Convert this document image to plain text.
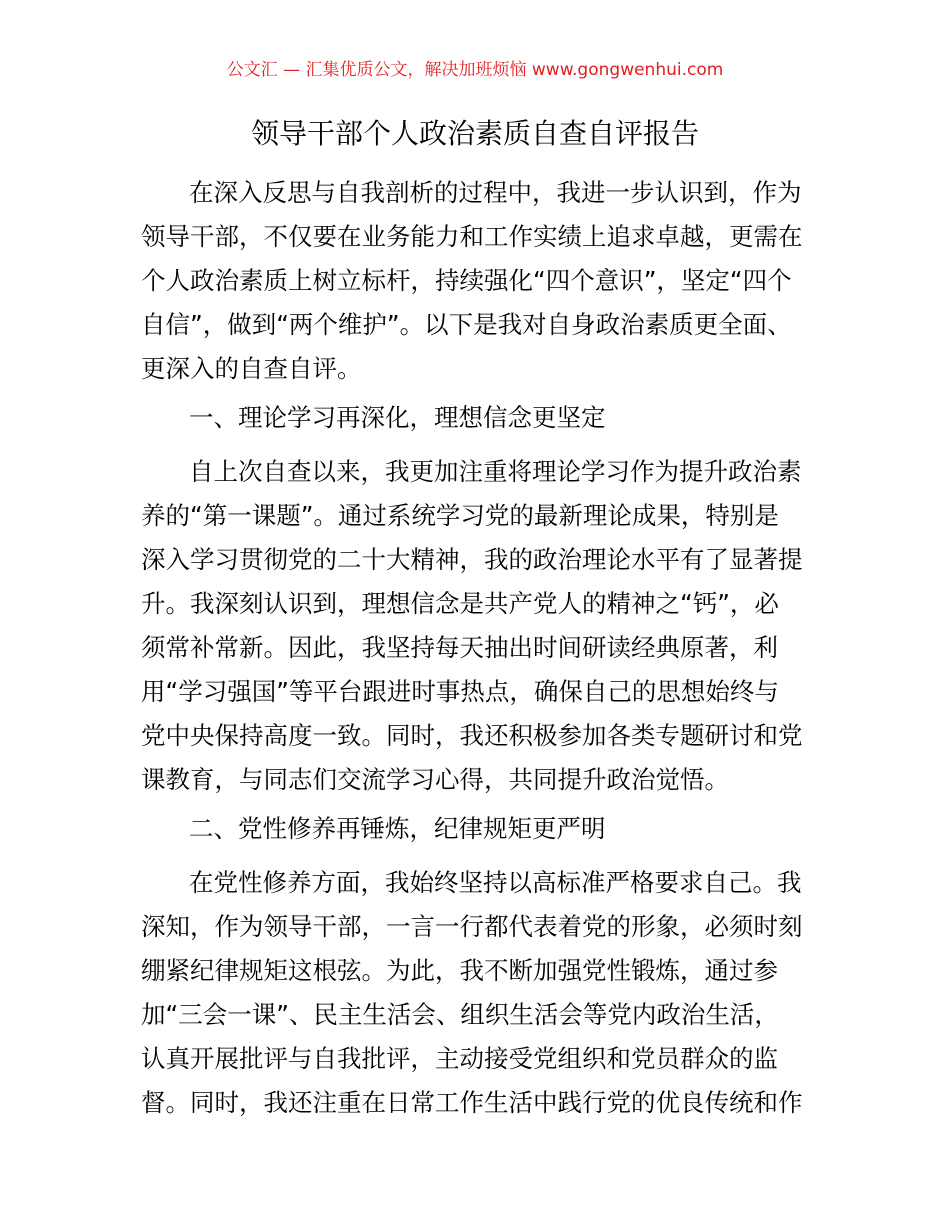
公文汇 — 汇集优质公文，解决加班烦恼 www.gongwenhui.com
领导干部个人政治素质自查自评报告
在深入反思与自我剖析的过程中，我进一步认识到，作为
领导干部，不仅要在业务能力和工作实绩上追求卓越，更需在
个人政治素质上树立标杆，持续强化“四个意识”，坚定“四个
自信”，做到“两个维护”。以下是我对自身政治素质更全面、
更深入的自查自评。
一、理论学习再深化，理想信念更坚定
自上次自查以来，我更加注重将理论学习作为提升政治素
养的“第一课题”。通过系统学习党的最新理论成果，特别是
深入学习贯彻党的二十大精神，我的政治理论水平有了显著提
升。我深刻认识到，理想信念是共产党人的精神之“钙”，必
须常补常新。因此，我坚持每天抽出时间研读经典原著，利
用“学习强国”等平台跟进时事热点，确保自己的思想始终与
党中央保持高度一致。同时，我还积极参加各类专题研讨和党
课教育，与同志们交流学习心得，共同提升政治觉悟。
二、党性修养再锤炼，纪律规矩更严明
在党性修养方面，我始终坚持以高标准严格要求自己。我
深知，作为领导干部，一言一行都代表着党的形象，必须时刻
绷紧纪律规矩这根弦。为此，我不断加强党性锻炼，通过参
加“三会一课”、民主生活会、组织生活会等党内政治生活，
认真开展批评与自我批评，主动接受党组织和党员群众的监
督。同时，我还注重在日常工作生活中践行党的优良传统和作
